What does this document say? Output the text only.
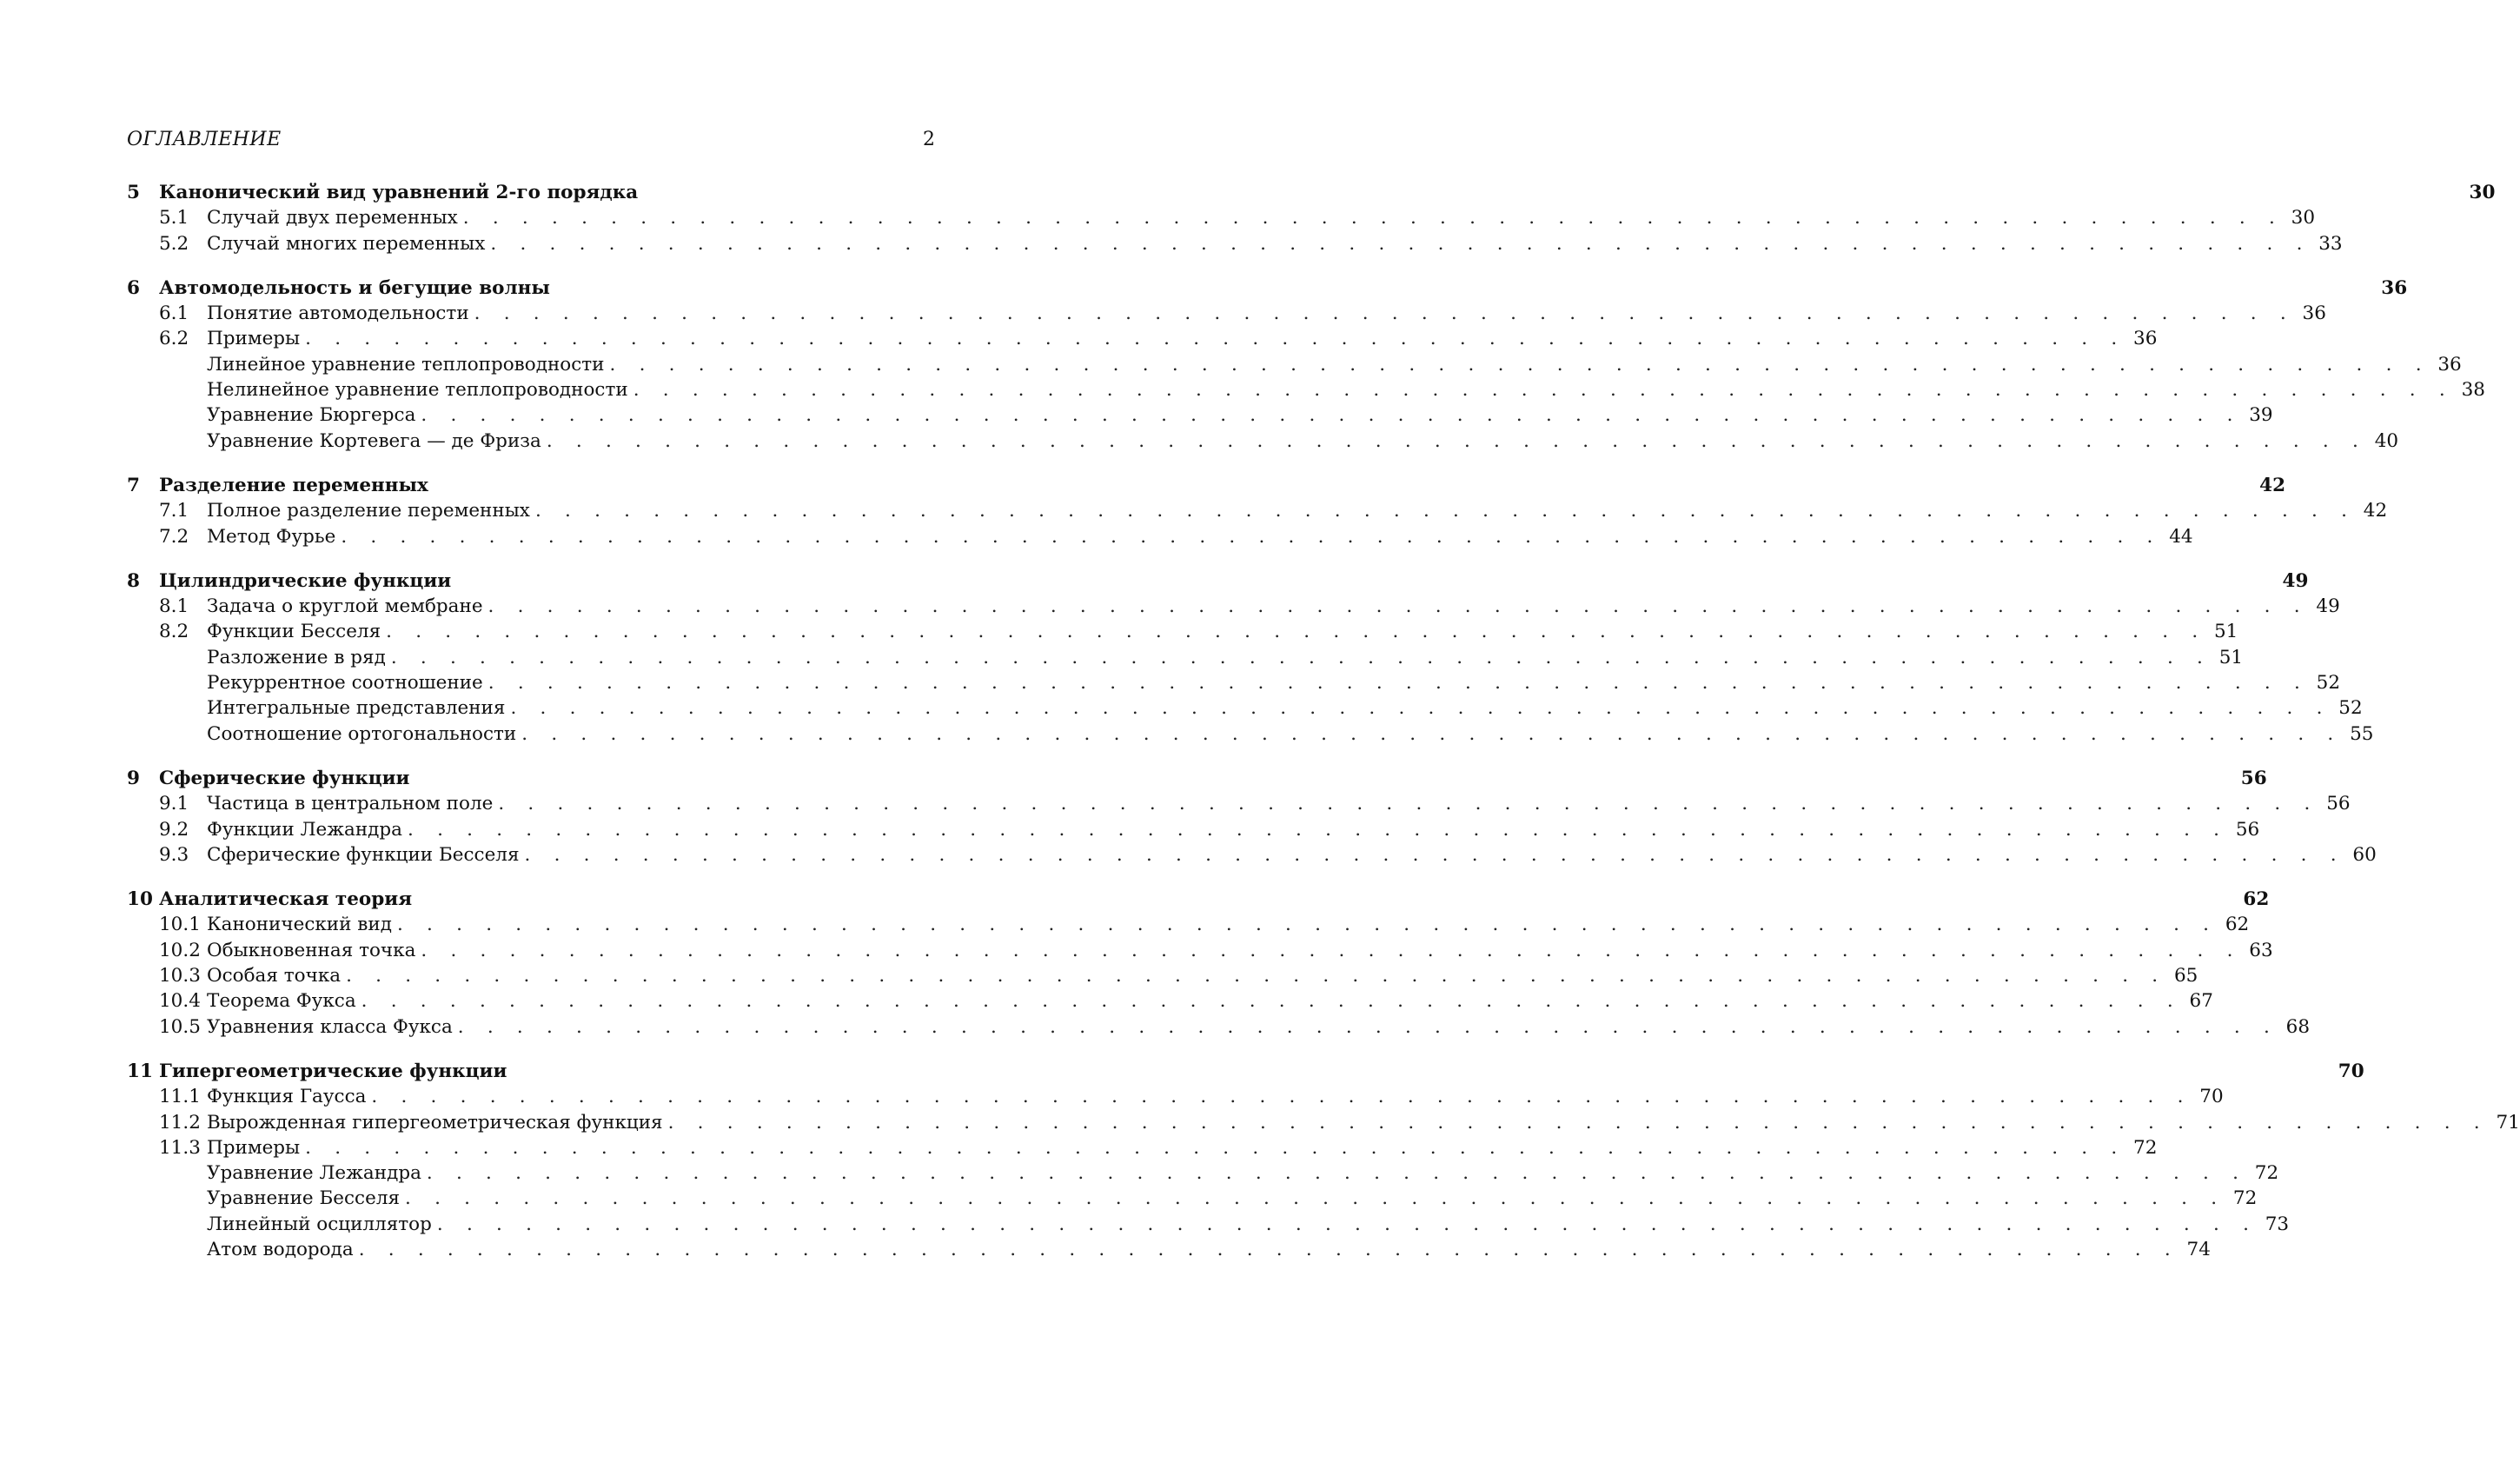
ОГЛАВЛЕНИЕ	2
5	Канонический вид уравнений 2-го порядка	30
5.1 Случай двух переменных . . . . . . . . . . . . . . . . . . . . . . . . . . . . . . . . . . . . . . . . . . . . . . . . . . . . . . . . . . . . . . 30
5.2 Случай многих переменных . . . . . . . . . . . . . . . . . . . . . . . . . . . . . . . . . . . . . . . . . . . . . . . . . . . . . . . . . . . . . . 33
6	Автомодельность и бегущие волны	36
6.1 Понятие автомодельности . . . . . . . . . . . . . . . . . . . . . . . . . . . . . . . . . . . . . . . . . . . . . . . . . . . . . . . . . . . . . . 36
6.2 Примеры . . . . . . . . . . . . . . . . . . . . . . . . . . . . . . . . . . . . . . . . . . . . . . . . . . . . . . . . . . . . . . 36
Линейное уравнение теплопроводности . . . . . . . . . . . . . . . . . . . . . . . . . . . . . . . . . . . . . . . . . . . . . . . . . . . . . . . . . . . . . . 36
Нелинейное уравнение теплопроводности . . . . . . . . . . . . . . . . . . . . . . . . . . . . . . . . . . . . . . . . . . . . . . . . . . . . . . . . . . . . . . 38
Уравнение Бюргерса . . . . . . . . . . . . . . . . . . . . . . . . . . . . . . . . . . . . . . . . . . . . . . . . . . . . . . . . . . . . . . 39
Уравнение Кортевега — де Фриза . . . . . . . . . . . . . . . . . . . . . . . . . . . . . . . . . . . . . . . . . . . . . . . . . . . . . . . . . . . . . . 40
7	Разделение переменных	42
7.1 Полное разделение переменных . . . . . . . . . . . . . . . . . . . . . . . . . . . . . . . . . . . . . . . . . . . . . . . . . . . . . . . . . . . . . . 42
7.2 Метод Фурье . . . . . . . . . . . . . . . . . . . . . . . . . . . . . . . . . . . . . . . . . . . . . . . . . . . . . . . . . . . . . . 44
8	Цилиндрические функции	49
8.1 Задача о круглой мембране . . . . . . . . . . . . . . . . . . . . . . . . . . . . . . . . . . . . . . . . . . . . . . . . . . . . . . . . . . . . . . 49
8.2 Функции Бесселя . . . . . . . . . . . . . . . . . . . . . . . . . . . . . . . . . . . . . . . . . . . . . . . . . . . . . . . . . . . . . . 51
Разложение в ряд . . . . . . . . . . . . . . . . . . . . . . . . . . . . . . . . . . . . . . . . . . . . . . . . . . . . . . . . . . . . . . 51
Рекуррентное соотношение . . . . . . . . . . . . . . . . . . . . . . . . . . . . . . . . . . . . . . . . . . . . . . . . . . . . . . . . . . . . . . 52
Интегральные представления . . . . . . . . . . . . . . . . . . . . . . . . . . . . . . . . . . . . . . . . . . . . . . . . . . . . . . . . . . . . . . 52
Соотношение ортогональности . . . . . . . . . . . . . . . . . . . . . . . . . . . . . . . . . . . . . . . . . . . . . . . . . . . . . . . . . . . . . . 55
9	Сферические функции	56
9.1 Частица в центральном поле . . . . . . . . . . . . . . . . . . . . . . . . . . . . . . . . . . . . . . . . . . . . . . . . . . . . . . . . . . . . . . 56
9.2 Функции Лежандра . . . . . . . . . . . . . . . . . . . . . . . . . . . . . . . . . . . . . . . . . . . . . . . . . . . . . . . . . . . . . . 56
9.3 Сферические функции Бесселя . . . . . . . . . . . . . . . . . . . . . . . . . . . . . . . . . . . . . . . . . . . . . . . . . . . . . . . . . . . . . . 60
10 Аналитическая теория	62
10.1 Канонический вид . . . . . . . . . . . . . . . . . . . . . . . . . . . . . . . . . . . . . . . . . . . . . . . . . . . . . . . . . . . . . . 62
10.2 Обыкновенная точка . . . . . . . . . . . . . . . . . . . . . . . . . . . . . . . . . . . . . . . . . . . . . . . . . . . . . . . . . . . . . . 63
10.3 Особая точка . . . . . . . . . . . . . . . . . . . . . . . . . . . . . . . . . . . . . . . . . . . . . . . . . . . . . . . . . . . . . . 65
10.4 Теорема Фукса . . . . . . . . . . . . . . . . . . . . . . . . . . . . . . . . . . . . . . . . . . . . . . . . . . . . . . . . . . . . . . 67
10.5 Уравнения класса Фукса . . . . . . . . . . . . . . . . . . . . . . . . . . . . . . . . . . . . . . . . . . . . . . . . . . . . . . . . . . . . . . 68
11 Гипергеометрические функции	70
11.1 Функция Гаусса . . . . . . . . . . . . . . . . . . . . . . . . . . . . . . . . . . . . . . . . . . . . . . . . . . . . . . . . . . . . . . 70
11.2 Вырожденная гипергеометрическая функция . . . . . . . . . . . . . . . . . . . . . . . . . . . . . . . . . . . . . . . . . . . . . . . . . . . . . . . . . . . . . . 71
11.3 Примеры . . . . . . . . . . . . . . . . . . . . . . . . . . . . . . . . . . . . . . . . . . . . . . . . . . . . . . . . . . . . . . 72
Уравнение Лежандра . . . . . . . . . . . . . . . . . . . . . . . . . . . . . . . . . . . . . . . . . . . . . . . . . . . . . . . . . . . . . . 72
Уравнение Бесселя . . . . . . . . . . . . . . . . . . . . . . . . . . . . . . . . . . . . . . . . . . . . . . . . . . . . . . . . . . . . . . 72
Линейный осциллятор . . . . . . . . . . . . . . . . . . . . . . . . . . . . . . . . . . . . . . . . . . . . . . . . . . . . . . . . . . . . . . 73
Атом водорода . . . . . . . . . . . . . . . . . . . . . . . . . . . . . . . . . . . . . . . . . . . . . . . . . . . . . . . . . . . . . . 74
